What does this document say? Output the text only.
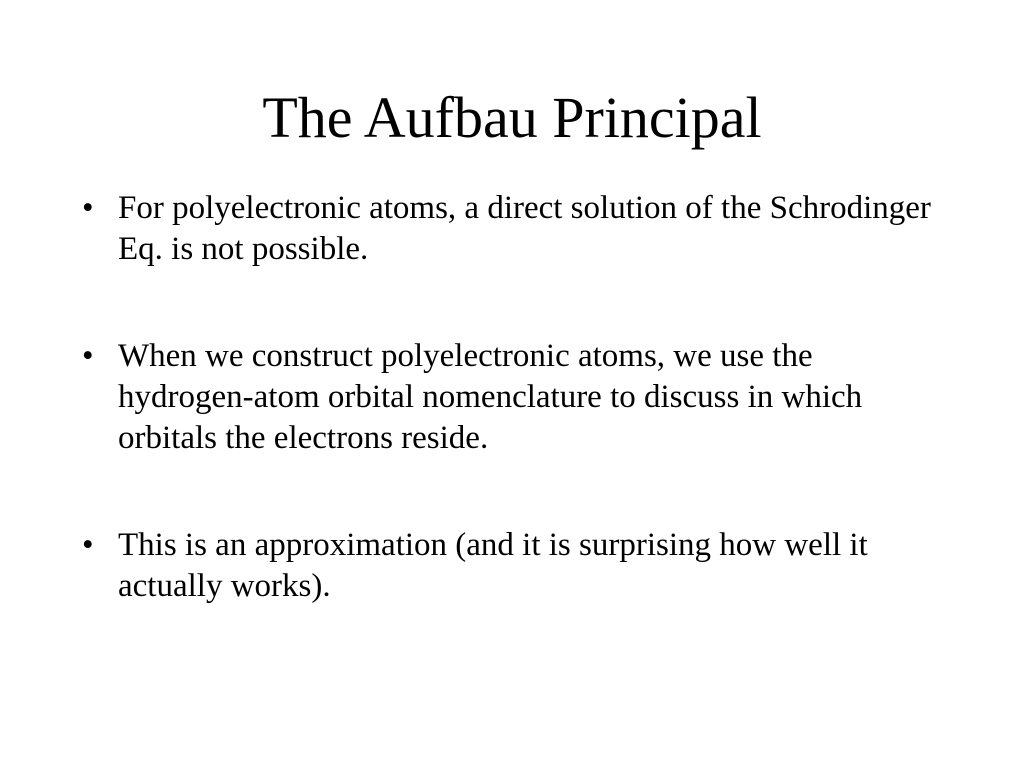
The Aufbau Principal
• For polyelectronic atoms, a direct solution of the Schrodinger Eq. is not possible.
• When we construct polyelectronic atoms, we use the hydrogen-atom orbital nomenclature to discuss in which orbitals the electrons reside.
• This is an approximation (and it is surprising how well it actually works).
